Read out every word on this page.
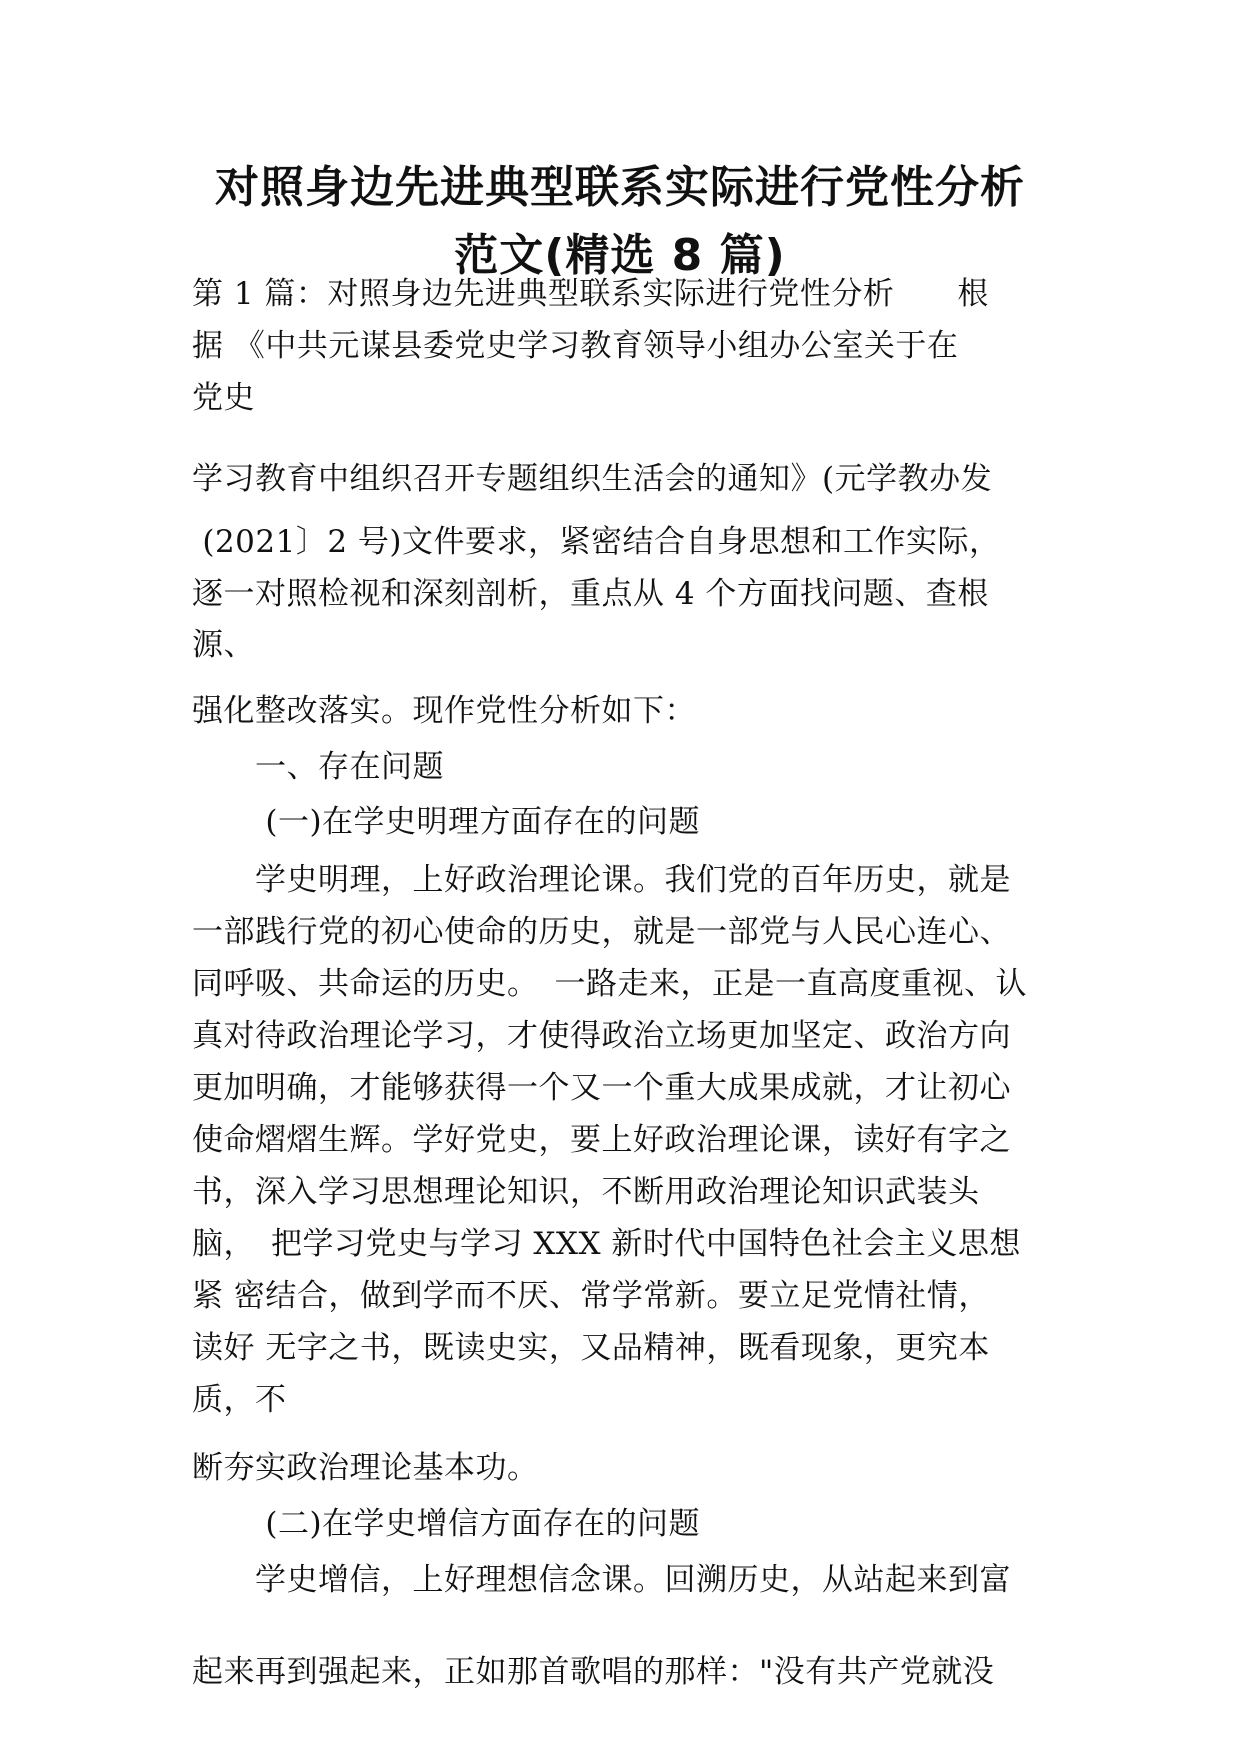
对照身边先进典型联系实际进行党性分析
范文(精选 8 篇)
第 1 篇：对照身边先进典型联系实际进行党性分析　　根
据 《中共元谋县委党史学习教育领导小组办公室关于在
党史
学习教育中组织召开专题组织生活会的通知》(元学教办发
(2021〕2 号)文件要求，紧密结合自身思想和工作实际，
逐一对照检视和深刻剖析，重点从 4 个方面找问题、查根
源、
强化整改落实。现作党性分析如下：
　　一、存在问题
　　 (一)在学史明理方面存在的问题
　　学史明理，上好政治理论课。我们党的百年历史，就是
一部践行党的初心使命的历史，就是一部党与人民心连心、
同呼吸、共命运的历史。　一路走来，正是一直高度重视、认
真对待政治理论学习，才使得政治立场更加坚定、政治方向
更加明确，才能够获得一个又一个重大成果成就，才让初心
使命熠熠生辉。学好党史，要上好政治理论课，读好有字之
书，深入学习思想理论知识，不断用政治理论知识武装头
脑，　把学习党史与学习 XXX 新时代中国特色社会主义思想
紧 密结合，做到学而不厌、常学常新。要立足党情社情，
读好 无字之书，既读史实，又品精神，既看现象，更究本
质，不
断夯实政治理论基本功。
　　 (二)在学史增信方面存在的问题
　　学史增信，上好理想信念课。回溯历史，从站起来到富
起来再到强起来，正如那首歌唱的那样："没有共产党就没
